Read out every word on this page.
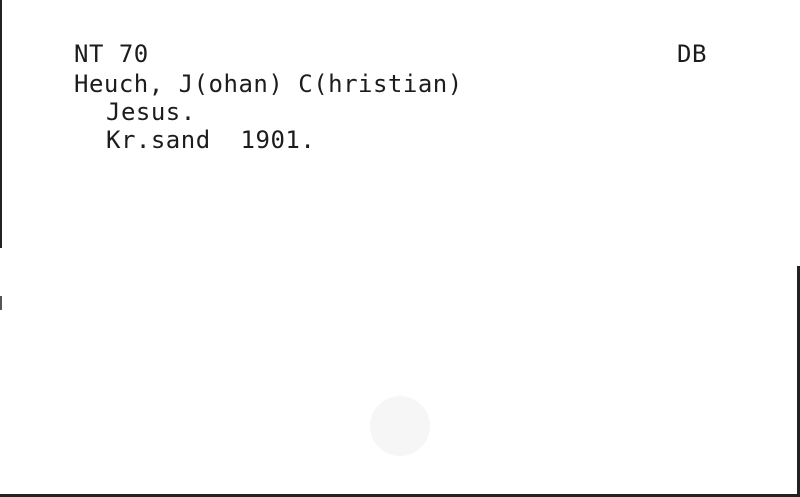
NT 70	DB
Heuch, J(ohan) C(hristian)
Jesus.
Kr.sand  1901.
